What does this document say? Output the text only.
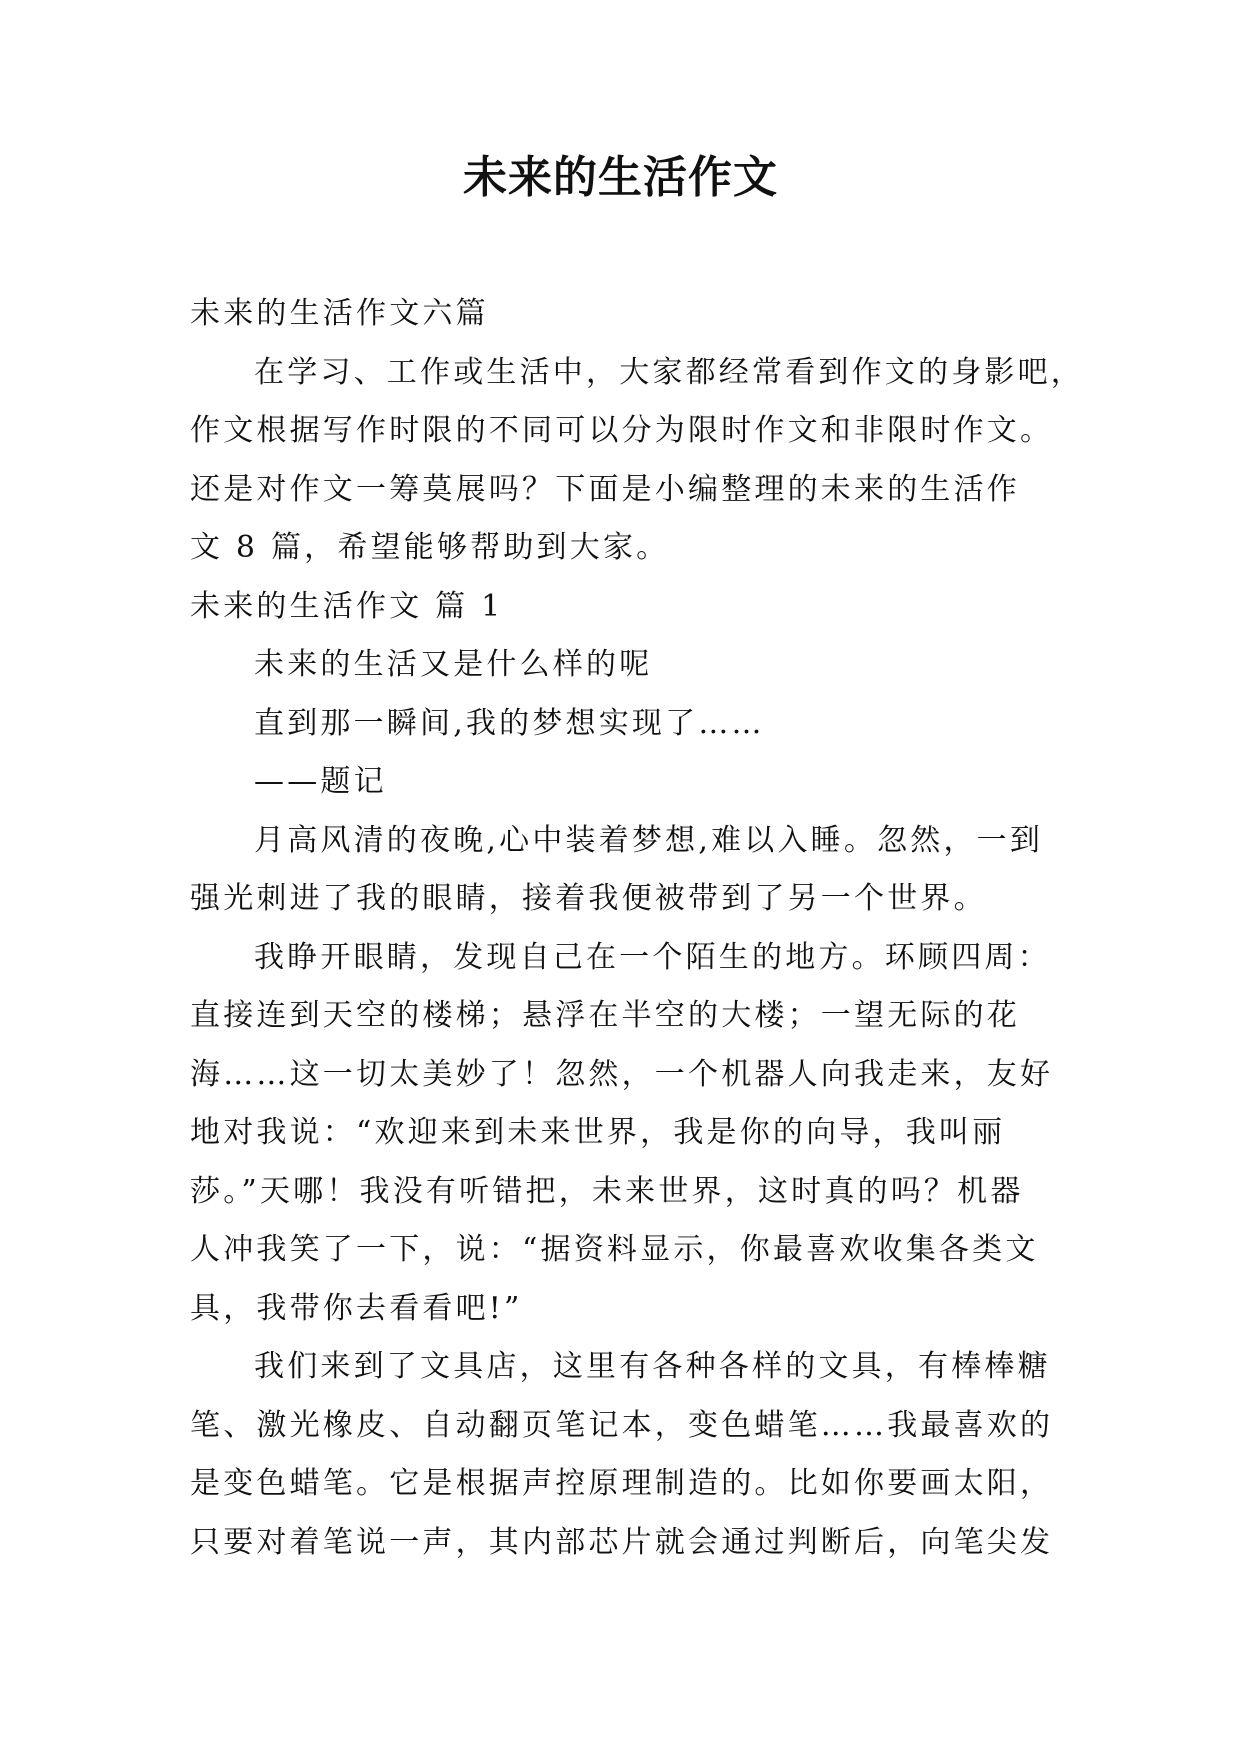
未来的生活作文

未来的生活作文六篇

在学习、工作或生活中，大家都经常看到作文的身影吧，

作文根据写作时限的不同可以分为限时作文和非限时作文。

还是对作文一筹莫展吗？下面是小编整理的未来的生活作

文 8 篇，希望能够帮助到大家。

未来的生活作文 篇 1

未来的生活又是什么样的呢

直到那一瞬间,我的梦想实现了……

——题记

月高风清的夜晚,心中装着梦想,难以入睡。忽然，一到

强光刺进了我的眼睛，接着我便被带到了另一个世界。

我睁开眼睛，发现自己在一个陌生的地方。环顾四周：

直接连到天空的楼梯；悬浮在半空的大楼；一望无际的花

海……这一切太美妙了！忽然，一个机器人向我走来，友好

地对我说：“欢迎来到未来世界，我是你的向导，我叫丽

莎。”天哪！我没有听错把，未来世界，这时真的吗？机器

人冲我笑了一下，说：“据资料显示，你最喜欢收集各类文

具，我带你去看看吧!”

我们来到了文具店，这里有各种各样的文具，有棒棒糖

笔、激光橡皮、自动翻页笔记本，变色蜡笔……我最喜欢的

是变色蜡笔。它是根据声控原理制造的。比如你要画太阳，

只要对着笔说一声，其内部芯片就会通过判断后，向笔尖发
